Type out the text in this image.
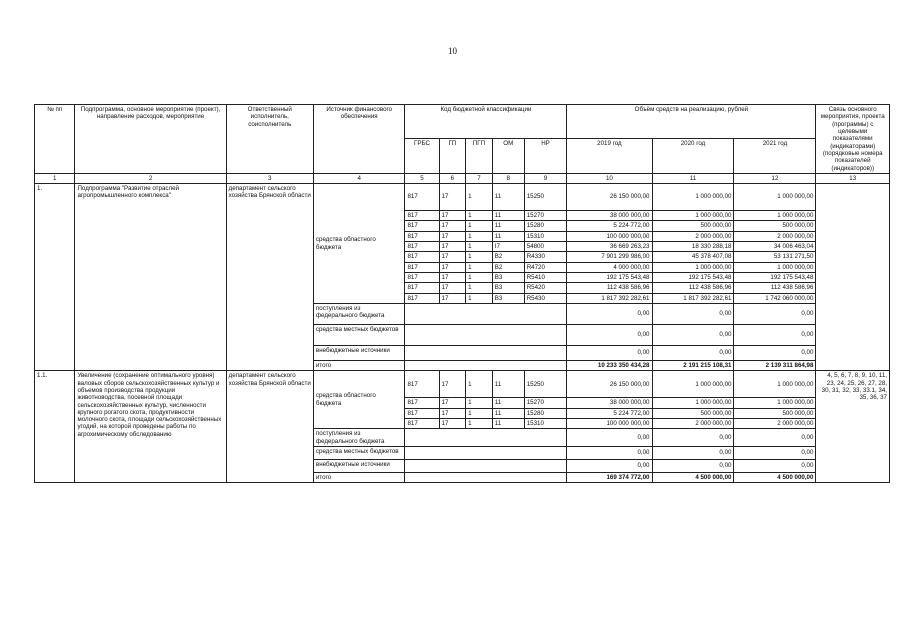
10
№ пп	Подпрограмма, основное мероприятие (проект), направление расходов, мероприятие	Ответственный исполнитель, соисполнитель	Источник финансового обеспечения	Код бюджетной классификации					Объём средств на реализацию, рублей			Связь основного мероприятия, проекта (программы) с целевыми показателями (индикаторами) (порядковые номера показателей (индикаторов))
				ГРБС	ГП	ПГП	ОМ	НР	2019 год	2020 год	2021 год	
1	2	3	4	5	6	7	8	9	10	11	12	13
1.	Подпрограмма "Развитие отраслей агропромышленного комплекса"	департамент сельского хозяйства Брянской области	средства областного бюджета	817	17	1	11	15250	26 150 000,00	1 000 000,00	1 000 000,00	
				817	17	1	11	15270	38 000 000,00	1 000 000,00	1 000 000,00	
				817	17	1	11	15280	5 224 772,00	500 000,00	500 000,00	
				817	17	1	11	15310	100 000 000,00	2 000 000,00	2 000 000,00	
				817	17	1	I7	54800	36 669 263,23	18 330 288,18	34 006 463,04	
				817	17	1	B2	R4330	7 901 299 986,00	45 378 407,08	53 131 271,50	
				817	17	1	B2	R4720	4 000 000,00	1 000 000,00	1 000 000,00	
				817	17	1	B3	R5410	192 175 543,48	192 175 543,48	192 175 543,48	
				817	17	1	B3	R5420	112 438 586,96	112 438 586,96	112 438 586,96	
				817	17	1	B3	R5430	1 817 392 282,61	1 817 392 282,61	1 742 060 000,00	
			поступления из федерального бюджета						0,00	0,00	0,00	
			средства местных бюджетов						0,00	0,00	0,00	
			внебюджетные источники						0,00	0,00	0,00	
			итого						10 233 350 434,28	2 191 215 108,31	2 139 311 864,98	
1.1.	Увеличение (сохранение оптимального уровня) валовых сборов сельскохозяйственных культур и объемов производства продукции животноводства, посевной площади сельскохозяйственных культур, численности крупного рогатого скота, продуктивности молочного скота, площади сельскохозяйственных угодий, на которой проведены работы по агрохимическому обследованию	департамент сельского хозяйства Брянской области	средства областного бюджета	817	17	1	11	15250	26 150 000,00	1 000 000,00	1 000 000,00	4, 5, 6, 7, 8, 9, 10, 11, 23, 24, 25, 26, 27, 28, 30, 31, 32, 33, 33.1, 34, 35, 36, 37
				817	17	1	11	15270	38 000 000,00	1 000 000,00	1 000 000,00	
				817	17	1	11	15280	5 224 772,00	500 000,00	500 000,00	
				817	17	1	11	15310	100 000 000,00	2 000 000,00	2 000 000,00	
			поступления из федерального бюджета						0,00	0,00	0,00	
			средства местных бюджетов						0,00	0,00	0,00	
			внебюджетные источники						0,00	0,00	0,00	
			итого						169 374 772,00	4 500 000,00	4 500 000,00	
